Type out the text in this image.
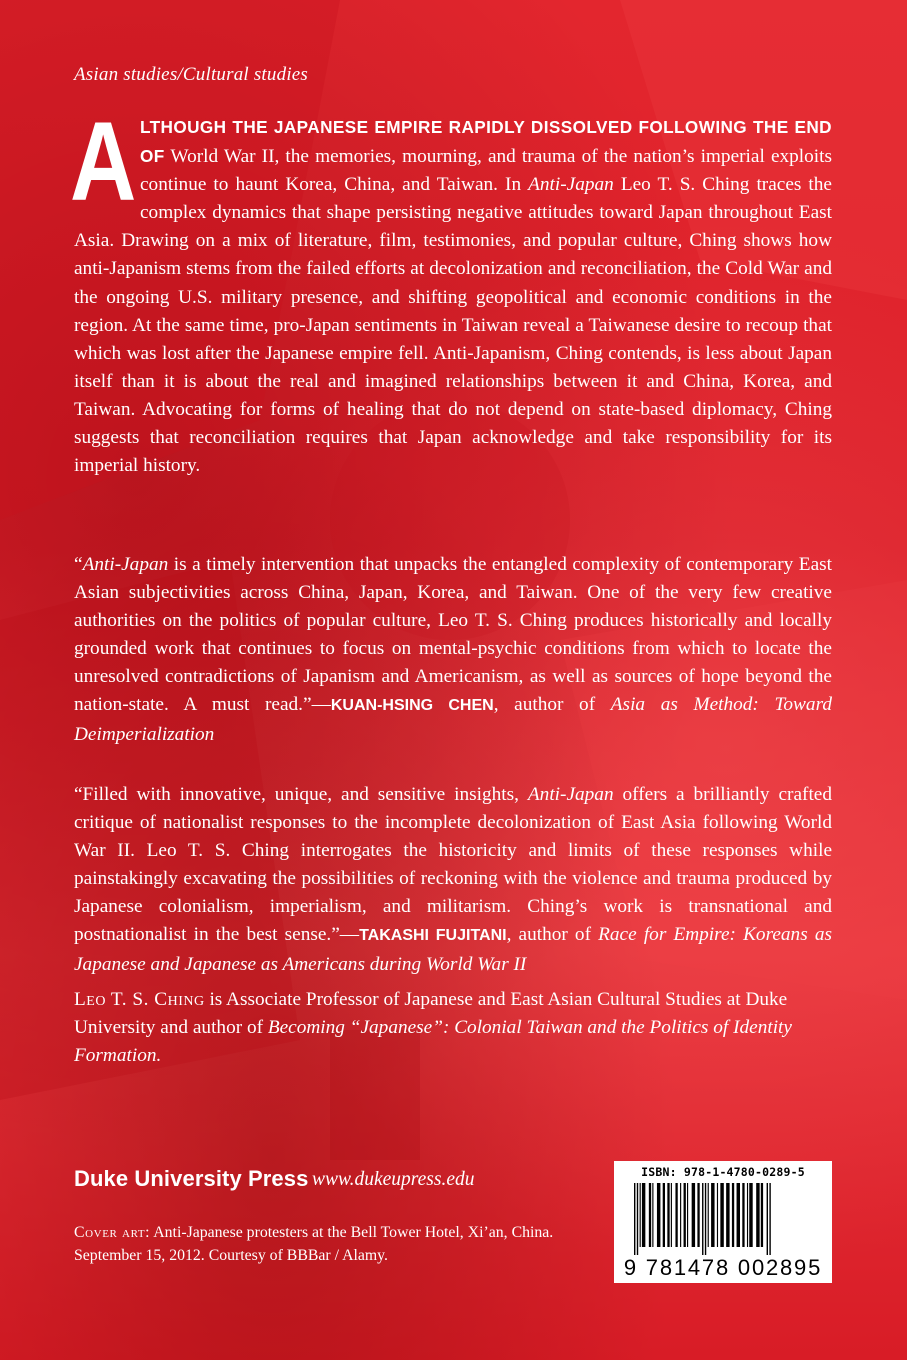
Asian studies/Cultural studies
ALTHOUGH THE JAPANESE EMPIRE RAPIDLY DISSOLVED FOLLOWING THE END OF World War II, the memories, mourning, and trauma of the nation’s imperial exploits continue to haunt Korea, China, and Taiwan. In Anti-Japan Leo T. S. Ching traces the complex dynamics that shape persisting negative attitudes toward Japan throughout East Asia. Drawing on a mix of literature, film, testimonies, and popular culture, Ching shows how anti-Japanism stems from the failed efforts at decolonization and reconciliation, the Cold War and the ongoing U.S. military presence, and shifting geopolitical and economic conditions in the region. At the same time, pro-Japan sentiments in Taiwan reveal a Taiwanese desire to recoup that which was lost after the Japanese empire fell. Anti-Japanism, Ching contends, is less about Japan itself than it is about the real and imagined relationships between it and China, Korea, and Taiwan. Advocating for forms of healing that do not depend on state-based diplomacy, Ching suggests that reconciliation requires that Japan acknowledge and take responsibility for its imperial history.
“Anti-Japan is a timely intervention that unpacks the entangled complexity of contemporary East Asian subjectivities across China, Japan, Korea, and Taiwan. One of the very few creative authorities on the politics of popular culture, Leo T. S. Ching produces historically and locally grounded work that continues to focus on mental-psychic conditions from which to locate the unresolved contradictions of Japanism and Americanism, as well as sources of hope beyond the nation-state. A must read.”—KUAN-HSING CHEN, author of Asia as Method: Toward Deimperialization
“Filled with innovative, unique, and sensitive insights, Anti-Japan offers a brilliantly crafted critique of nationalist responses to the incomplete decolonization of East Asia following World War II. Leo T. S. Ching interrogates the historicity and limits of these responses while painstakingly excavating the possibilities of reckoning with the violence and trauma produced by Japanese colonialism, imperialism, and militarism. Ching’s work is transnational and postnationalist in the best sense.”—TAKASHI FUJITANI, author of Race for Empire: Koreans as Japanese and Japanese as Americans during World War II
Leo T. S. Ching is Associate Professor of Japanese and East Asian Cultural Studies at Duke University and author of Becoming “Japanese”: Colonial Taiwan and the Politics of Identity Formation.
Duke University Press www.dukeupress.edu
Cover art: Anti-Japanese protesters at the Bell Tower Hotel, Xi’an, China. September 15, 2012. Courtesy of BBBar / Alamy.
ISBN: 978-1-4780-0289-5
9 781478 002895
